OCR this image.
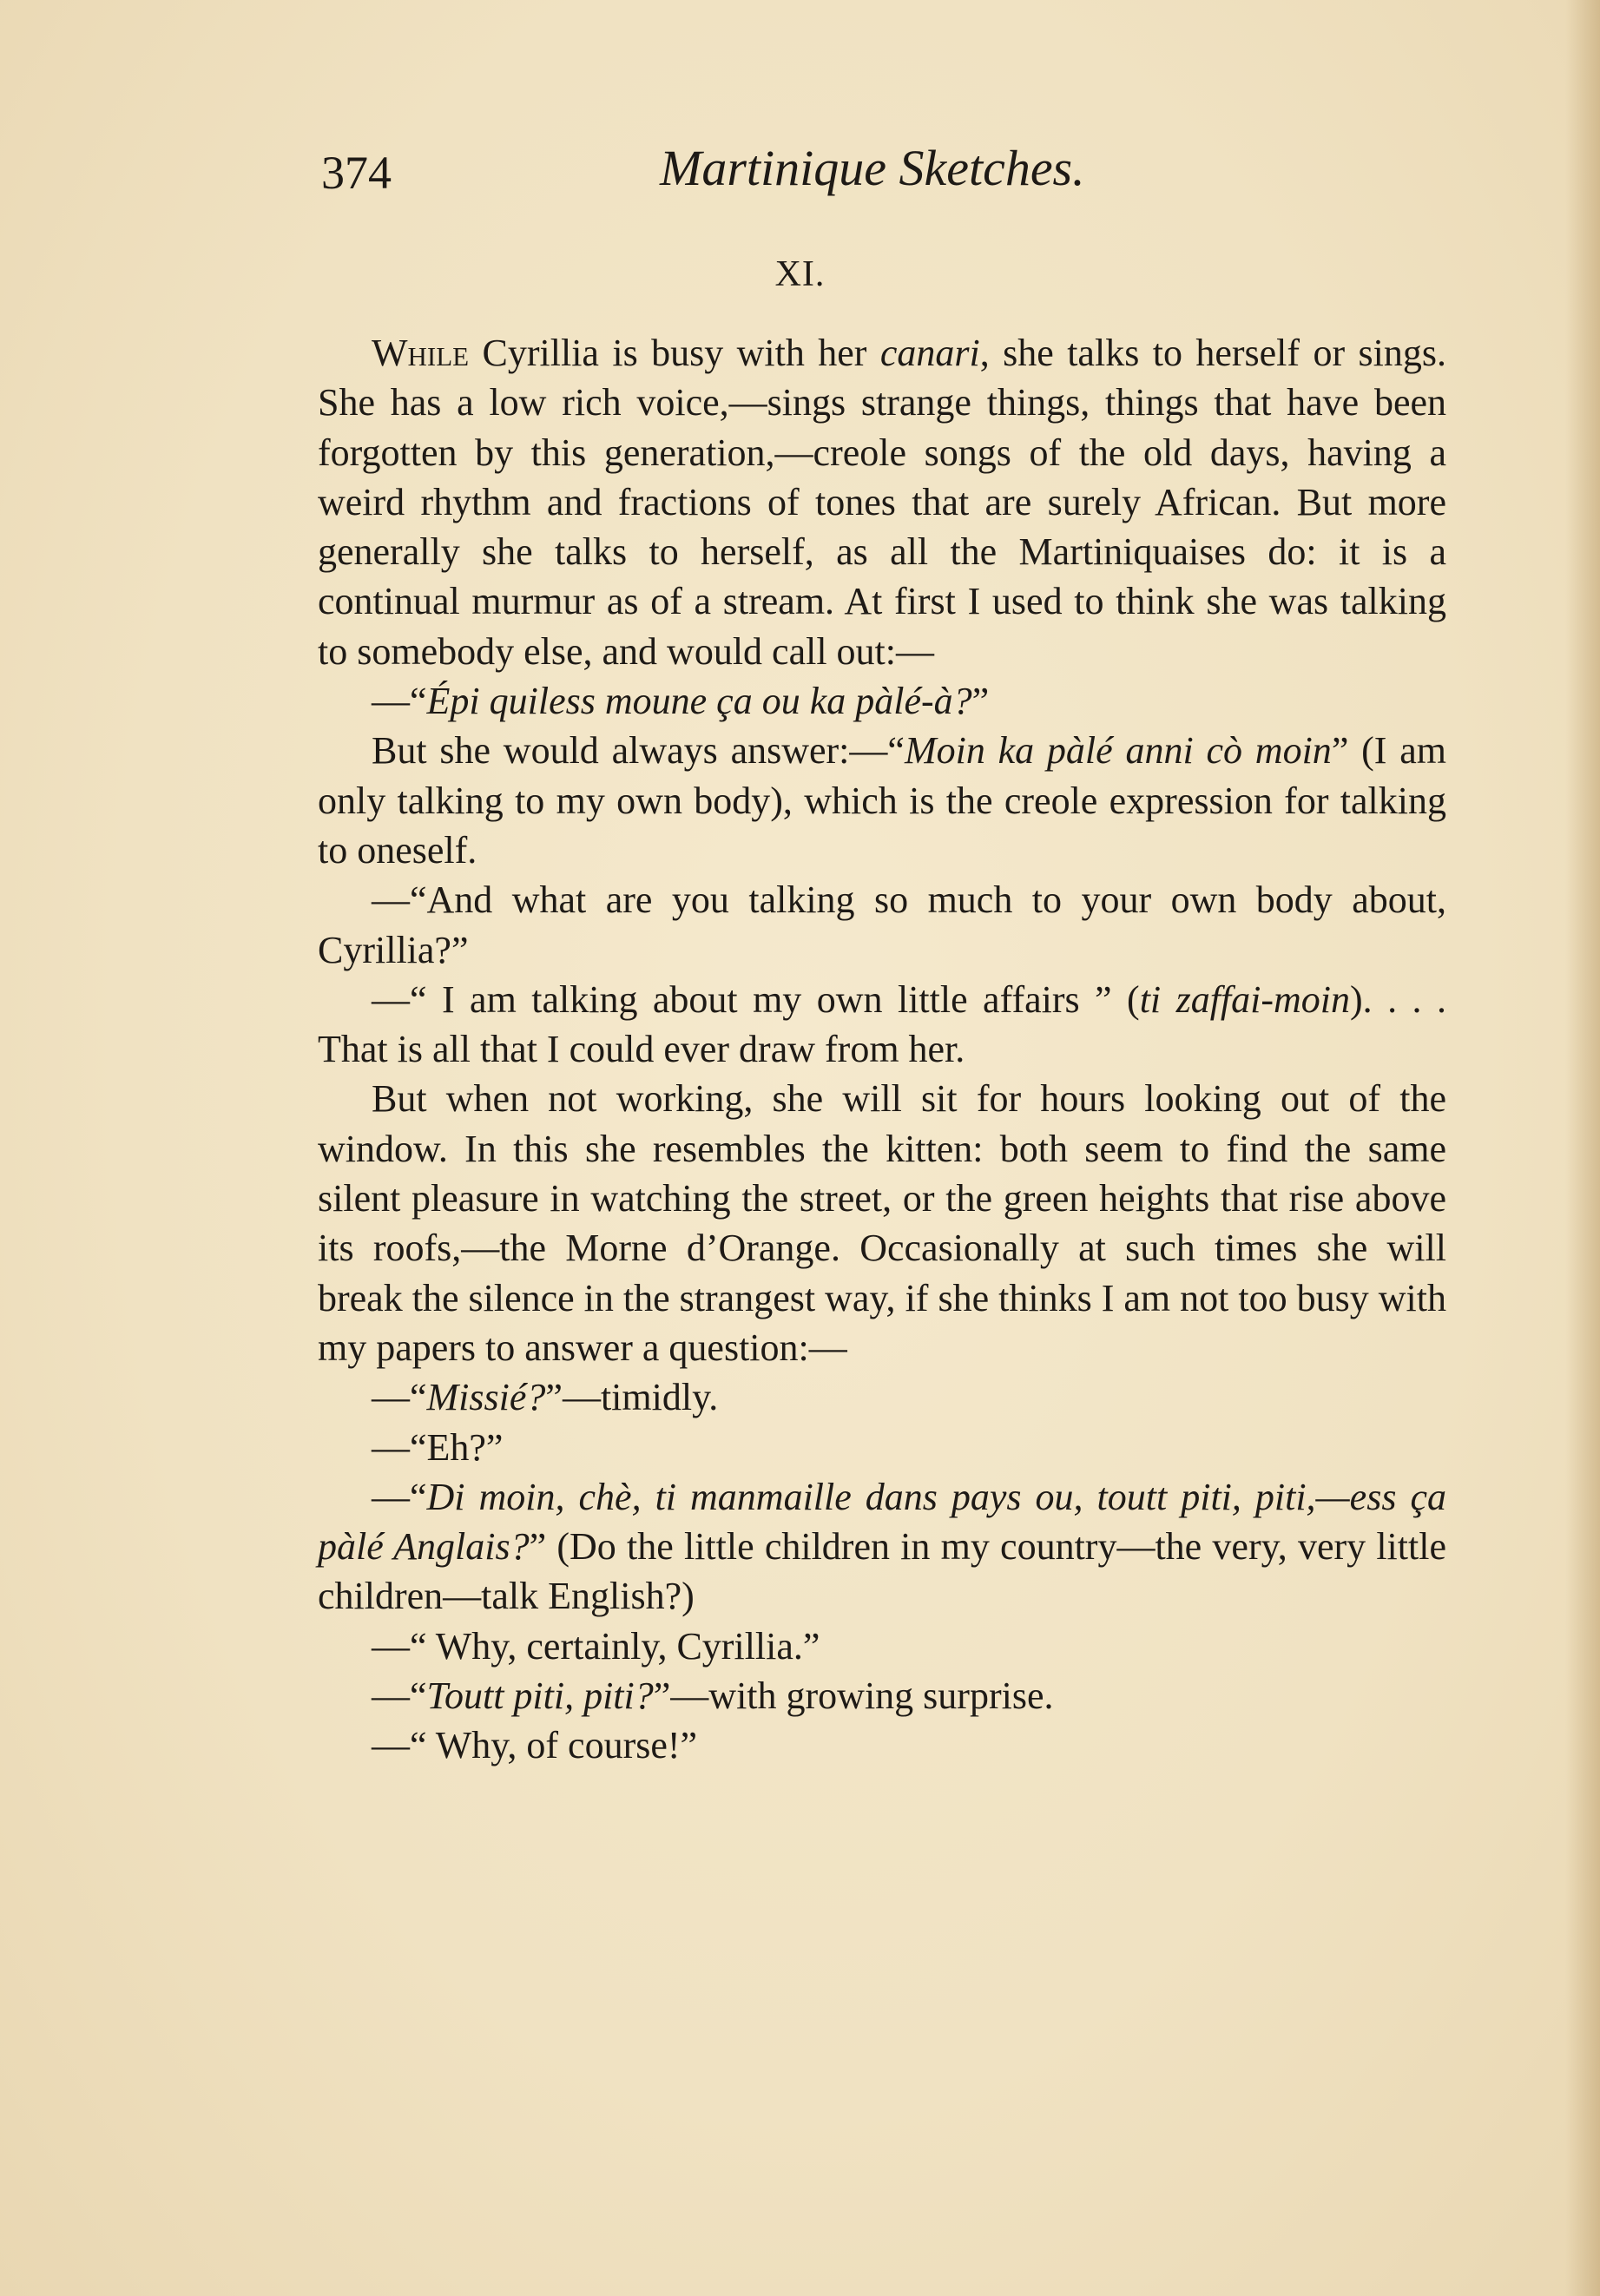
374	Martinique Sketches.
XI.

While Cyrillia is busy with her canari, she talks to herself or sings. She has a low rich voice,—sings strange things, things that have been forgotten by this generation,—creole songs of the old days, having a weird rhythm and fractions of tones that are surely African. But more generally she talks to herself, as all the Martiniquaises do: it is a continual murmur as of a stream. At first I used to think she was talking to somebody else, and would call out:—

—“Épi quiless moune ça ou ka pàlé-à?”

But she would always answer:—“Moin ka pàlé anni cò moin” (I am only talking to my own body), which is the creole expression for talking to oneself.

—“And what are you talking so much to your own body about, Cyrillia?”

—“ I am talking about my own little affairs ” (ti zaffai-moin). . . . That is all that I could ever draw from her.

But when not working, she will sit for hours looking out of the window. In this she resembles the kitten: both seem to find the same silent pleasure in watching the street, or the green heights that rise above its roofs,—the Morne d’Orange. Occasionally at such times she will break the silence in the strangest way, if she thinks I am not too busy with my papers to answer a question:—

—“Missié?”—timidly.

—“Eh?”

—“Di moin, chè, ti manmaille dans pays ou, toutt piti, piti,—ess ça pàlé Anglais?” (Do the little children in my country—the very, very little children—talk English?)

—“ Why, certainly, Cyrillia.”

—“Toutt piti, piti?”—with growing surprise.

—“ Why, of course!”
